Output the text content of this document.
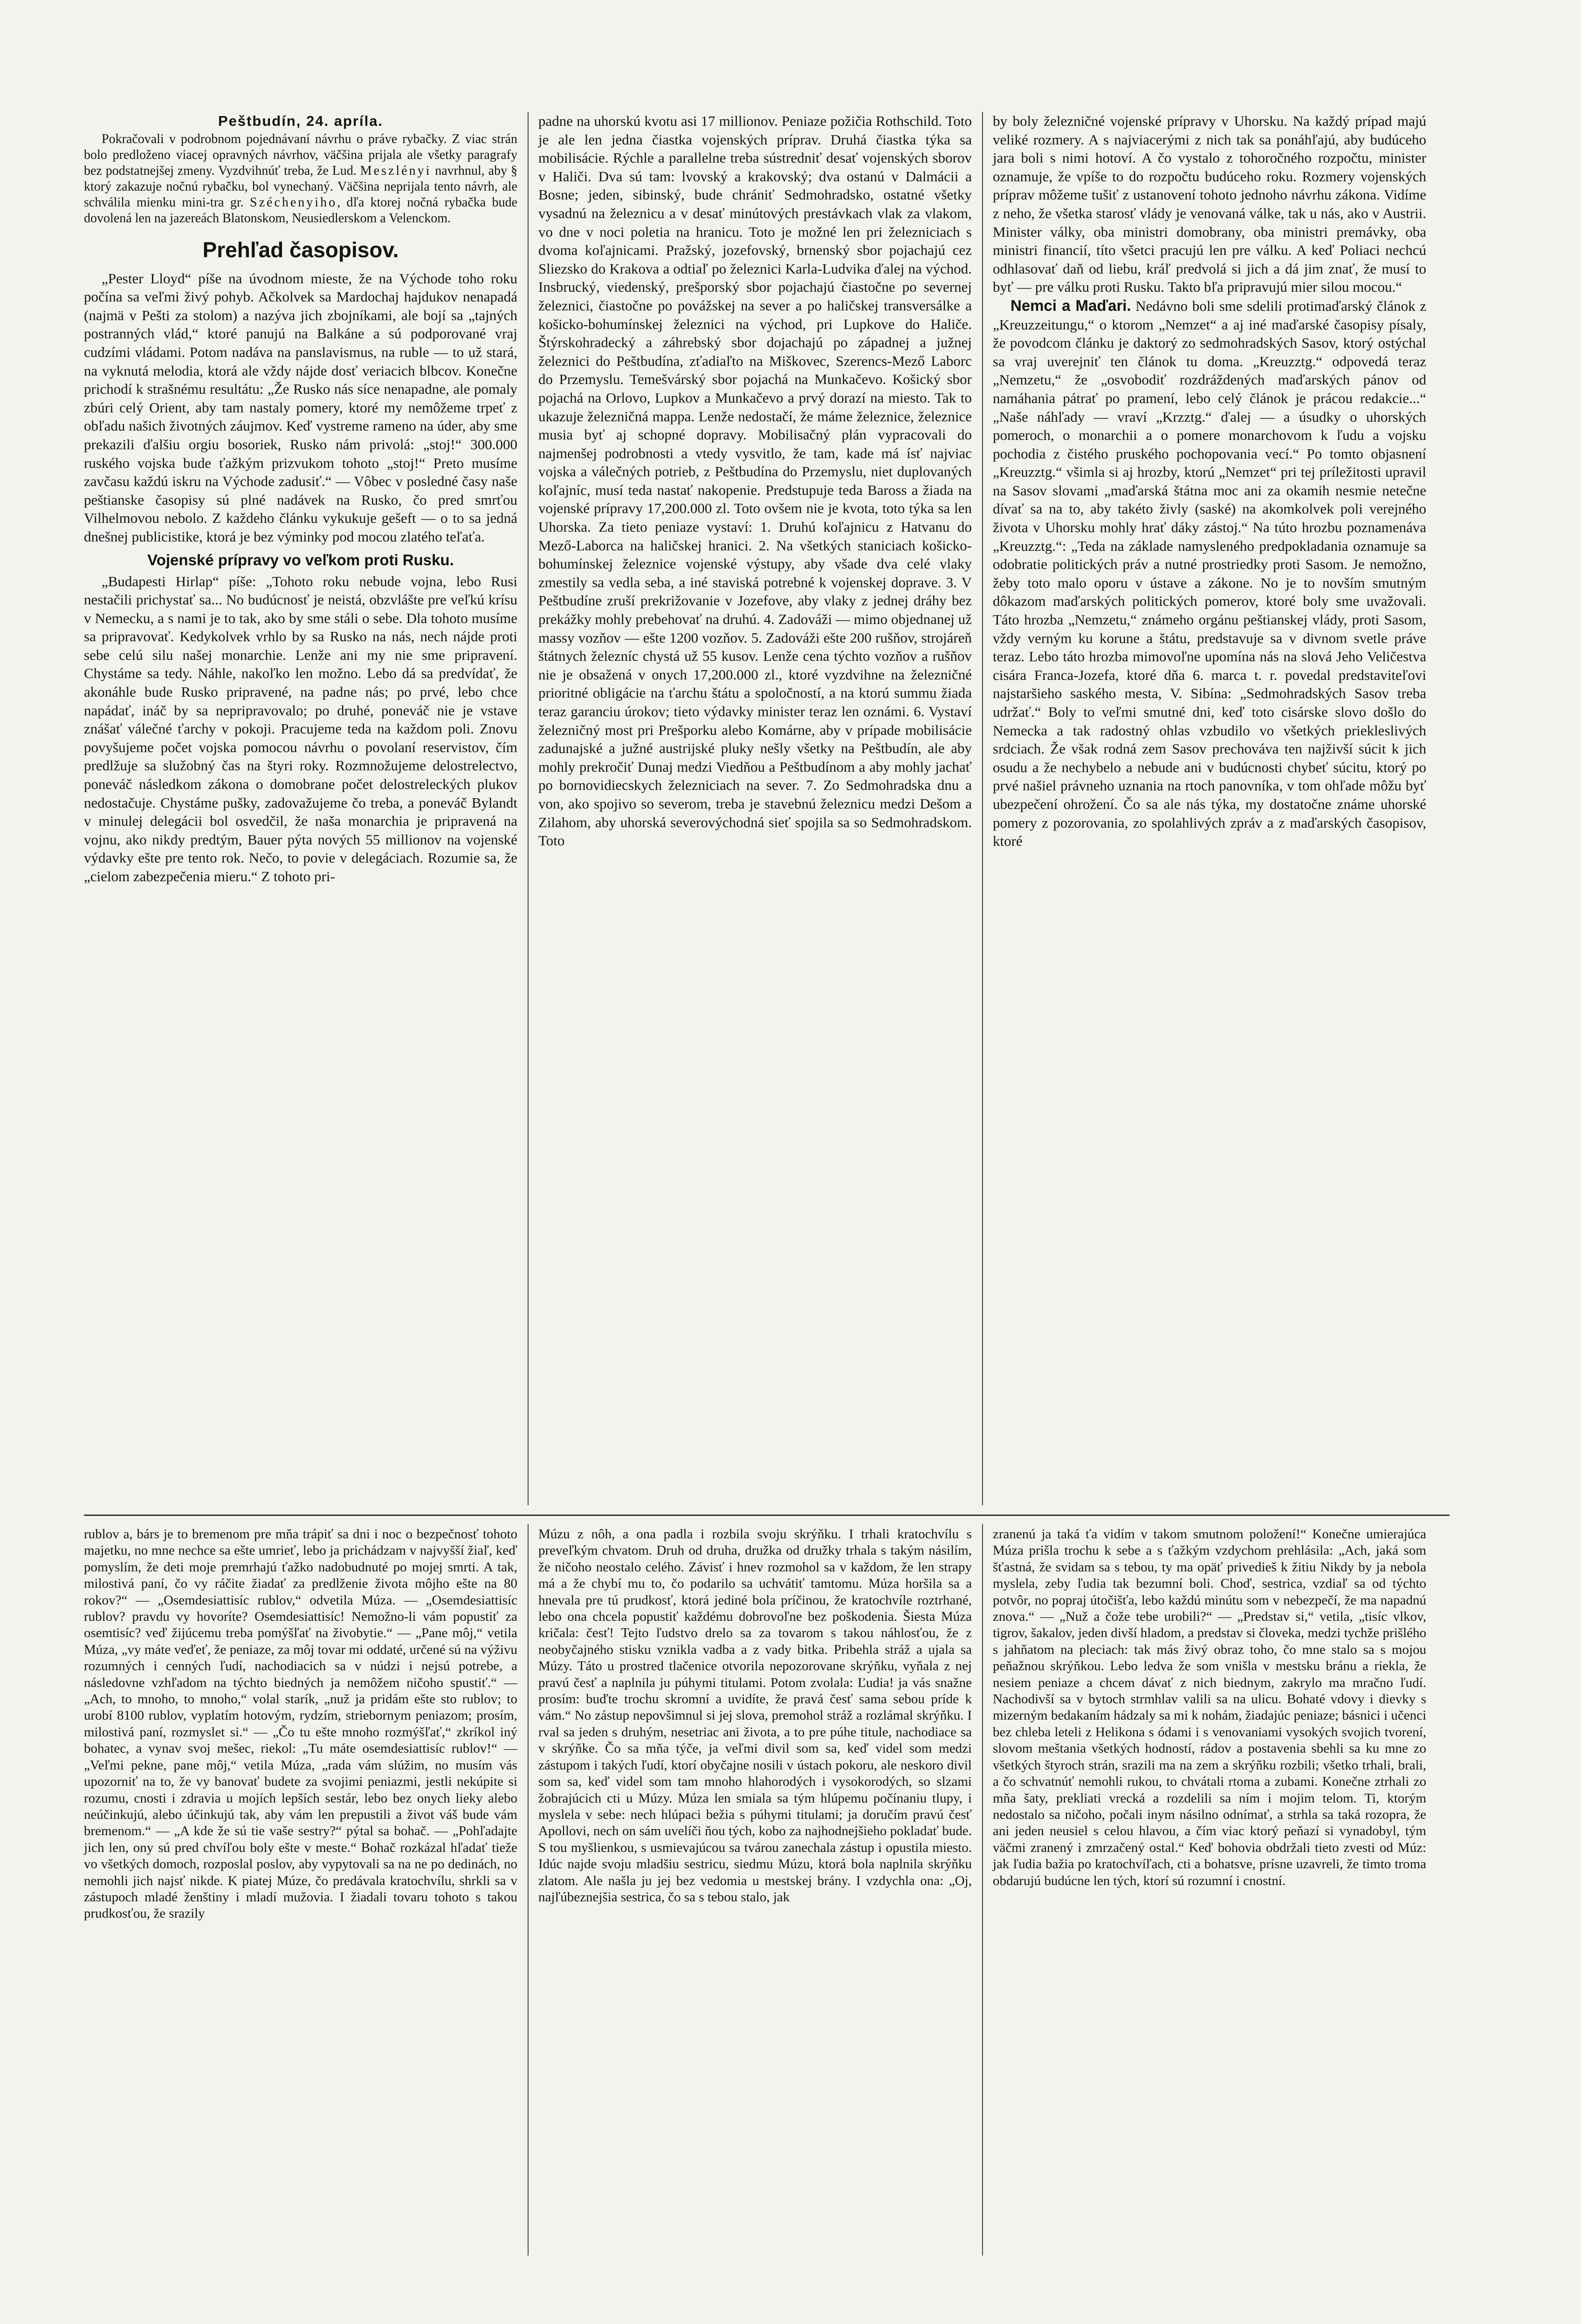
Peštbudín, 24. apríla.

Pokračovali v podrobnom pojednávaní návrhu o práve rybačky. Z viac strán bolo predloženo viacej opravných návrhov, väčšina prijala ale všetky paragrafy bez podstatnejšej zmeny. Vyzdvihnúť treba, že Lud. Meszlényi navrhnul, aby § ktorý zakazuje nočnú rybačku, bol vynechaný. Väčšina neprijala tento návrh, ale schválila mienku mini-tra gr. Széchenyiho, dľa ktorej nočná rybačka bude dovolená len na jazereách Blatonskom, Neusiedlerskom a Velenckom.

Prehľad časopisov.

„Pester Lloyd“ píše na úvodnom mieste, že na Východe toho roku počína sa veľmi živý pohyb. Ačkolvek sa Mardochaj hajdukov nenapadá (najmä v Pešti za stolom) a nazýva jich zbojníkami, ale bojí sa „tajných postranných vlád,“ ktoré panujú na Balkáne a sú podporované vraj cudzími vládami. Potom nadáva na panslavismus, na ruble — to už stará, na vyknutá melodia, ktorá ale vždy nájde dosť veriacich blbcov. Konečne prichodí k strašnému resultátu: „Že Rusko nás síce nenapadne, ale pomaly zbúri celý Orient, aby tam nastaly pomery, ktoré my nemôžeme trpeť z obľadu našich životných záujmov. Keď vystreme rameno na úder, aby sme prekazili ďalšiu orgiu bosoriek, Rusko nám privolá: „stoj!“ 300.000 ruského vojska bude ťažkým prizvukom tohoto „stoj!“ Preto musíme zavčasu každú iskru na Východe zadusiť.“ — Vôbec v posledné časy naše peštianske časopisy sú plné nadávek na Rusko, čo pred smrťou Vilhelmovou nebolo. Z každeho článku vykukuje gešeft — o to sa jedná dnešnej publicistike, ktorá je bez výminky pod mocou zlatého teľaťa.

Vojenské prípravy vo veľkom proti Rusku.

„Budapesti Hirlap“ píše: „Tohoto roku nebude vojna, lebo Rusi nestačili prichystať sa... No budúcnosť je neistá, obzvlášte pre veľkú krísu v Nemecku, a s nami je to tak, ako by sme stáli o sebe. Dla tohoto musíme sa pripravovať. Kedykolvek vrhlo by sa Rusko na nás, nech nájde proti sebe celú silu našej monarchie. Lenže ani my nie sme pripravení. Chystáme sa tedy. Náhle, nakoľko len možno. Lebo dá sa predvídať, že akonáhle bude Rusko pripravené, na padne nás; po prvé, lebo chce napádať, ináč by sa nepripravovalo; po druhé, poneváč nie je vstave znášať válečné ťarchy v pokoji. Pracujeme teda na každom poli. Znovu povyšujeme počet vojska pomocou návrhu o povolaní reservistov, čím predlžuje sa služobný čas na štyri roky. Rozmnožujeme delostrelectvo, poneváč následkom zákona o domobrane počet delostreleckých plukov nedostačuje. Chystáme pušky, zadovažujeme čo treba, a poneváč Bylandt v minulej delegácii bol osvedčil, že naša monarchia je pripravená na vojnu, ako nikdy predtým, Bauer pýta nových 55 millionov na vojenské výdavky ešte pre tento rok. Nečo, to povie v delegáciach. Rozumie sa, že „cielom zabezpečenia mieru.“ Z tohoto pri-

padne na uhorskú kvotu asi 17 millionov. Peniaze požičia Rothschild. Toto je ale len jedna čiastka vojenských príprav. Druhá čiastka týka sa mobilisácie. Rýchle a parallelne treba sústredniť desať vojenských sborov v Haliči. Dva sú tam: lvovský a krakovský; dva ostanú v Dalmácii a Bosne; jeden, sibinský, bude chrániť Sedmohradsko, ostatné všetky vysadnú na železnicu a v desať minútových prestávkach vlak za vlakom, vo dne v noci poletia na hranicu. Toto je možné len pri železniciach s dvoma koľajnicami. Pražský, jozefovský, brnenský sbor pojachajú cez Sliezsko do Krakova a odtiaľ po železnici Karla-Ludvika ďalej na východ. Insbrucký, viedenský, prešporský sbor pojachajú čiastočne po severnej železnici, čiastočne po povážskej na sever a po haličskej transversálke a košicko-bohumínskej železnici na východ, pri Lupkove do Haliče. Štýrskohradecký a záhrebský sbor dojachajú po západnej a južnej železnici do Peštbudína, zťadiaľto na Miškovec, Szerencs-Mező Laborc do Przemyslu. Temešvárský sbor pojachá na Munkačevo. Košický sbor pojachá na Orlovo, Lupkov a Munkačevo a prvý dorazí na miesto. Tak to ukazuje železničná mappa. Lenže nedostačí, že máme železnice, železnice musia byť aj schopné dopravy. Mobilisačný plán vypracovali do najmenšej podrobnosti a vtedy vysvitlo, že tam, kade má ísť najviac vojska a válečných potrieb, z Peštbudína do Przemyslu, niet duplovaných koľajníc, musí teda nastať nakopenie. Predstupuje teda Baross a žiada na vojenské prípravy 17,200.000 zl. Toto ovšem nie je kvota, toto týka sa len Uhorska. Za tieto peniaze vystaví: 1. Druhú koľajnicu z Hatvanu do Mező-Laborca na haličskej hranici. 2. Na všetkých staniciach košicko-bohumínskej železnice vojenské výstupy, aby všade dva celé vlaky zmestily sa vedla seba, a iné staviská potrebné k vojenskej doprave. 3. V Peštbudíne zruší prekrižovanie v Jozefove, aby vlaky z jednej dráhy bez prekážky mohly prebehovať na druhú. 4. Zadováži — mimo objednanej už massy vozňov — ešte 1200 vozňov. 5. Zadováži ešte 200 rušňov, strojáreň štátnych železníc chystá už 55 kusov. Lenže cena týchto vozňov a rušňov nie je obsažená v onych 17,200.000 zl., ktoré vyzdvihne na železničné prioritné obligácie na ťarchu štátu a spoločností, a na ktorú summu žiada teraz garanciu úrokov; tieto výdavky minister teraz len oznámi. 6. Vystaví železničný most pri Prešporku alebo Komárne, aby v prípade mobilisácie zadunajské a južné austrijské pluky nešly všetky na Peštbudín, ale aby mohly prekročiť Dunaj medzi Viedňou a Peštbudínom a aby mohly jachať po bornovidiecskych železniciach na sever. 7. Zo Sedmohradska dnu a von, ako spojivo so severom, treba je stavebnú železnicu medzi Dešom a Zilahom, aby uhorská severovýchodná sieť spojila sa so Sedmohradskom. Toto

by boly železničné vojenské prípravy v Uhorsku. Na každý prípad majú veliké rozmery. A s najviacerými z nich tak sa ponáhľajú, aby budúceho jara boli s nimi hotoví. A čo vystalo z tohoročného rozpočtu, minister oznamuje, že vpíše to do rozpočtu budúceho roku. Rozmery vojenských príprav môžeme tušiť z ustanovení tohoto jednoho návrhu zákona. Vidíme z neho, že všetka starosť vlády je venovaná válke, tak u nás, ako v Austrii. Minister války, oba ministri domobrany, oba ministri premávky, oba ministri financií, títo všetci pracujú len pre válku. A keď Poliaci nechcú odhlasovať daň od liebu, kráľ predvolá si jich a dá jim znať, že musí to byť — pre válku proti Rusku. Takto bľa pripravujú mier silou mocou.“

Nemci a Maďari. Nedávno boli sme sdelili protimaďarský článok z „Kreuzzeitungu,“ o ktorom „Nemzet“ a aj iné maďarské časopisy písaly, že povodcom článku je daktorý zo sedmohradských Sasov, ktorý ostýchal sa vraj uverejniť ten článok tu doma. „Kreuzztg.“ odpovedá teraz „Nemzetu,“ že „osvobodiť rozdráždených maďarských pánov od namáhania pátrať po pramení, lebo celý článok je prácou redakcie...“ „Naše náhľady — vraví „Krzztg.“ ďalej — a úsudky o uhorských pomeroch, o monarchii a o pomere monarchovom k ľudu a vojsku pochodia z čistého pruského pochopovania vecí.“ Po tomto objasnení „Kreuzztg.“ všimla si aj hrozby, ktorú „Nemzet“ pri tej príležitosti upravil na Sasov slovami „maďarská štátna moc ani za okamih nesmie netečne dívať sa na to, aby takéto živly (saské) na akomkolvek poli verejného života v Uhorsku mohly hrať dáky zástoj.“ Na túto hrozbu poznamenáva „Kreuzztg.“: „Teda na základe namysleného predpokladania oznamuje sa odobratie politických práv a nutné prostriedky proti Sasom. Je nemožno, žeby toto malo oporu v ústave a zákone. No je to novším smutným dôkazom maďarských politických pomerov, ktoré boly sme uvažovali. Táto hrozba „Nemzetu,“ známeho orgánu peštianskej vlády, proti Sasom, vždy verným ku korune a štátu, predstavuje sa v divnom svetle práve teraz. Lebo táto hrozba mimovoľne upomína nás na slová Jeho Veličestva cisára Franca-Jozefa, ktoré dňa 6. marca t. r. povedal predstaviteľovi najstaršieho saského mesta, V. Sibína: „Sedmohradských Sasov treba udržať.“ Boly to veľmi smutné dni, keď toto cisárske slovo došlo do Nemecka a tak radostný ohlas vzbudilo vo všetkých priekleslivých srdciach. Že však rodná zem Sasov prechováva ten najživší súcit k jich osudu a že nechybelo a nebude ani v budúcnosti chybeť súcitu, ktorý po prvé našiel právneho uznania na rtoch panovníka, v tom ohľade môžu byť ubezpečení ohrožení. Čo sa ale nás týka, my dostatočne známe uhorské pomery z pozorovania, zo spolahlivých zpráv a z maďarských časopisov, ktoré

rublov a, bárs je to bremenom pre mňa trápiť sa dni i noc o bezpečnosť tohoto majetku, no mne nechce sa ešte umrieť, lebo ja prichádzam v najvyšší žiaľ, keď pomyslím, že deti moje premrhajú ťažko nadobudnuté po mojej smrti. A tak, milostivá paní, čo vy ráčite žiadať za predlženie života môjho ešte na 80 rokov?“ — „Osemdesiattisíc rublov,“ odvetila Múza. — „Osemdesiattisíc rublov? pravdu vy hovoríte? Osemdesiattisíc! Nemožno-li vám popustiť za osemtisíc? veď žijúcemu treba pomýšľať na živobytie.“ — „Pane môj,“ vetila Múza, „vy máte veďeť, že peniaze, za môj tovar mi oddaté, určené sú na výživu rozumných i cenných ľudí, nachodiacich sa v núdzi i nejsú potrebe, a následovne vzhľadom na týchto biedných ja nemôžem ničoho spustiť.“ — „Ach, to mnoho, to mnoho,“ volal starík, „nuž ja pridám ešte sto rublov; to urobí 8100 rublov, vyplatím hotovým, rydzím, striebornym peniazom; prosím, milostivá paní, rozmyslet si.“ — „Čo tu ešte mnoho rozmýšľať,“ zkríkol iný bohatec, a vynav svoj mešec, riekol: „Tu máte osemdesiattisíc rublov!“ — „Veľmi pekne, pane môj,“ vetila Múza, „rada vám slúžim, no musím vás upozorniť na to, že vy banovať budete za svojimi peniazmi, jestli nekúpite si rozumu, cnosti i zdravia u mojích lepších sestár, lebo bez onych lieky alebo neúčinkujú, alebo účinkujú tak, aby vám len prepustili a život váš bude vám bremenom.“ — „A kde že sú tie vaše sestry?“ pýtal sa bohač. — „Pohľadajte jich len, ony sú pred chvíľou boly ešte v meste.“ Bohač rozkázal hľadať tieže vo všetkých domoch, rozposlal poslov, aby vypytovali sa na ne po dedinách, no nemohli jich najsť nikde. K piatej Múze, čo predávala kratochvílu, shrkli sa v zástupoch mladé ženštiny i mladí mužovia. I žiadali tovaru tohoto s takou prudkosťou, že srazily

Múzu z nôh, a ona padla i rozbila svoju skrýňku. I trhali kratochvílu s preveľkým chvatom. Druh od druha, družka od družky trhala s takým násilím, že ničoho neostalo celého. Závisť i hnev rozmohol sa v každom, že len strapy má a že chybí mu to, čo podarilo sa uchvátiť tamtomu. Múza horšila sa a hnevala pre tú prudkosť, ktorá jediné bola príčinou, že kratochvíle roztrhané, lebo ona chcela popustiť každému dobrovoľne bez poškodenia. Šiesta Múza kričala: česť! Tejto ľudstvo drelo sa za tovarom s takou náhlosťou, že z neobyčajného stisku vznikla vadba a z vady bitka. Pribehla stráž a ujala sa Múzy. Táto u prostred tlačenice otvorila nepozorovane skrýňku, vyňala z nej pravú česť a naplnila ju púhymi titulami. Potom zvolala: Ľudia! ja vás snažne prosím: buďte trochu skromní a uvidíte, že pravá česť sama sebou príde k vám.“ No zástup nepovšimnul si jej slova, premohol stráž a rozlámal skrýňku. I rval sa jeden s druhým, nesetriac ani života, a to pre púhe titule, nachodiace sa v skrýňke. Čo sa mňa týče, ja veľmi divil som sa, keď videl som medzi zástupom i takých ľudí, ktorí obyčajne nosili v ústach pokoru, ale neskoro divil som sa, keď videl som tam mnoho hlahorodých i vysokorodých, so slzami žobrajúcich cti u Múzy. Múza len smiala sa tým hlúpemu počínaniu tlupy, i myslela v sebe: nech hlúpaci bežia s púhymi titulami; ja doručím pravú česť Apollovi, nech on sám uvelíči ňou tých, kobo za najhodnejšieho pokladať bude. S tou myšlienkou, s usmievajúcou sa tvárou zanechala zástup i opustila miesto. Idúc najde svoju mladšiu sestricu, siedmu Múzu, ktorá bola naplnila skrýňku zlatom. Ale našla ju jej bez vedomia u mestskej brány. I vzdychla ona: „Oj, najľúbeznejšia sestrica, čo sa s tebou stalo, jak

zranenú ja taká ťa vidím v takom smutnom položení!“ Konečne umierajúca Múza prišla trochu k sebe a s ťažkým vzdychom prehlásila: „Ach, jaká som šťastná, že svidam sa s tebou, ty ma opäť privedieš k žitiu Nikdy by ja nebola myslela, zeby ľudia tak bezumní boli. Choď, sestrica, vzdiaľ sa od týchto potvôr, no popraj útočišťa, lebo každú minútu som v nebezpečí, že ma napadnú znova.“ — „Nuž a čože tebe urobili?“ — „Predstav si,“ vetila, „tisíc vlkov, tigrov, šakalov, jeden divší hladom, a predstav si človeka, medzi tychže prišlého s jahňatom na pleciach: tak más živý obraz toho, čo mne stalo sa s mojou peňažnou skrýňkou. Lebo ledva že som vnišla v mestsku bránu a riekla, že nesiem peniaze a chcem dávať z nich biednym, zakrylo ma mračno ľudí. Nachodivší sa v bytoch strmhlav valili sa na ulicu. Bohaté vdovy i dievky s mizerným bedakaním hádzaly sa mi k nohám, žiadajúc peniaze; básnici i učenci bez chleba leteli z Helikona s ódami i s venovaniami vysokých svojich tvorení, slovom meštania všetkých hodností, rádov a postavenia sbehli sa ku mne zo všetkých štyroch strán, srazili ma na zem a skrýňku rozbili; všetko trhali, brali, a čo schvatnúť nemohli rukou, to chvátali rtoma a zubami. Konečne ztrhali zo mňa šaty, prekliati vrecká a rozdelili sa ním i mojim telom. Ti, ktorým nedostalo sa ničoho, počali inym násilno odnímať, a strhla sa taká rozopra, že ani jeden neusiel s celou hlavou, a čím viac ktorý peňazí si vynadobyl, tým väčmi zranený i zmrzačený ostal.“ Keď bohovia obdržali tieto zvesti od Múz: jak ľudia bažia po kratochvíľach, cti a bohatsve, prísne uzavreli, že timto troma obdarujú budúcne len tých, ktorí sú rozumní i cnostní.
